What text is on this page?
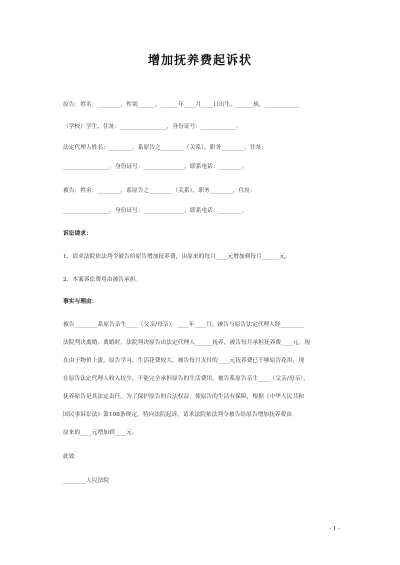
增加抚养费起诉状
原告：姓名：________，性别______，______年____月____日出生，______族，____________
（学校）学生，住址：________________，身份证号：____________。
法定代理人姓名：________，系原告之________（关系），职务________，住址：
________________，身份证号：______________，联系电话：________。
被告：姓名：________，系原告之________（关系），职务________，住址：
________________，身份证号：______________，联系电话：________。
诉讼请求：
1、请求法院依法判令被告给原告增加抚养费，由原来的每月____元增加到每月______元。
2、本案诉讼费用由被告承担。
事实与理由：
被告________系原告亲生____（父亲/母亲）。____年____月，被告与原告法定代理人经________
法院判决离婚，离婚时，法院判决原告由法定代理人______抚养，被告每月承担抚养费____元。现
在由于物价上涨，原告学习、生活花费较大，被告每月支付的____元抚养费已不够原告花用，现
在原告法定代理人收入较少，不能完全承担原告的生活费用。被告系原告亲生____（父亲/母亲），
抚养原告是其法定责任。为了保护原告的合法权益，使原告的生活有保障，根据《中华人民共和
国民事诉讼法》第108条规定，特向法院起诉，请求法院依法判令被告给原告增加抚养费由
原来的____元增加到____元。
此致
________人民法院
- 1 -
